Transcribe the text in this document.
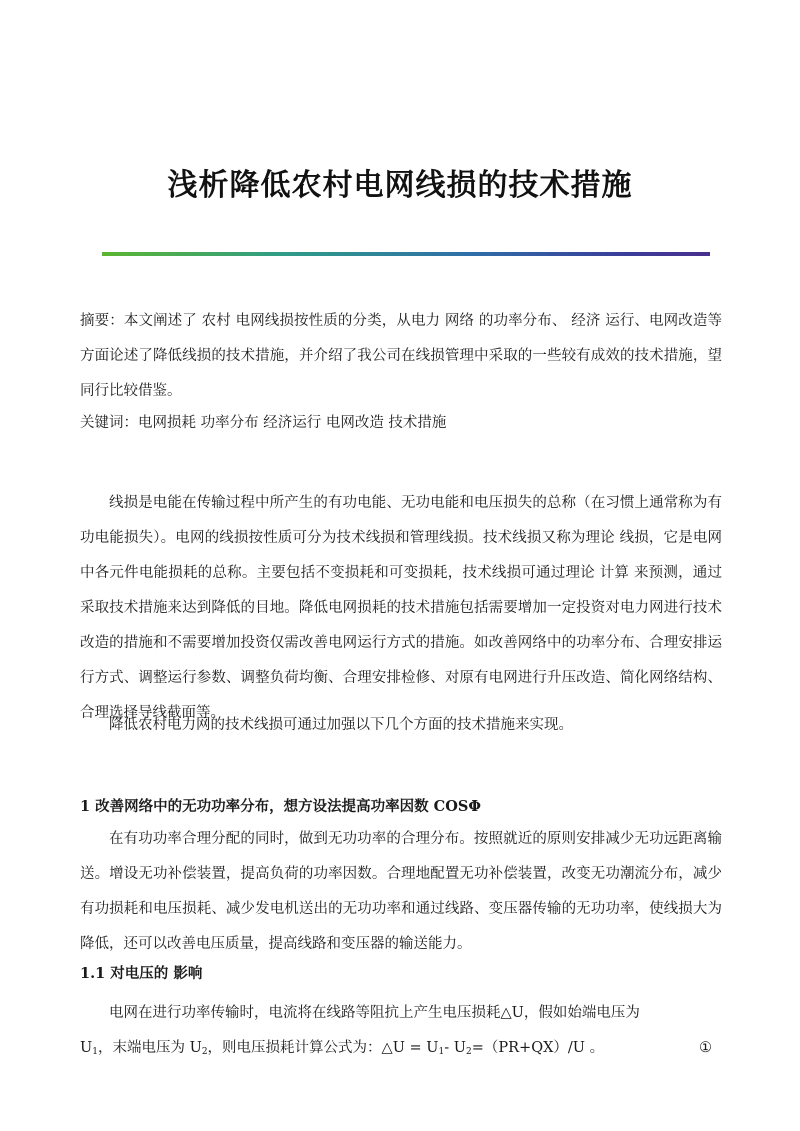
浅析降低农村电网线损的技术措施
摘要：本文阐述了 农村 电网线损按性质的分类，从电力 网络 的功率分布、 经济 运行、电网改造等方面论述了降低线损的技术措施，并介绍了我公司在线损管理中采取的一些较有成效的技术措施，望同行比较借鉴。
关键词：电网损耗 功率分布 经济运行 电网改造 技术措施
线损是电能在传输过程中所产生的有功电能、无功电能和电压损失的总称（在习惯上通常称为有功电能损失）。电网的线损按性质可分为技术线损和管理线损。技术线损又称为理论 线损，它是电网中各元件电能损耗的总称。主要包括不变损耗和可变损耗，技术线损可通过理论 计算 来预测，通过采取技术措施来达到降低的目地。降低电网损耗的技术措施包括需要增加一定投资对电力网进行技术改造的措施和不需要增加投资仅需改善电网运行方式的措施。如改善网络中的功率分布、合理安排运行方式、调整运行参数、调整负荷均衡、合理安排检修、对原有电网进行升压改造、简化网络结构、合理选择导线截面等。
降低农村电力网的技术线损可通过加强以下几个方面的技术措施来实现。
1 改善网络中的无功功率分布，想方设法提高功率因数 COSΦ
在有功功率合理分配的同时，做到无功功率的合理分布。按照就近的原则安排减少无功远距离输送。增设无功补偿装置，提高负荷的功率因数。合理地配置无功补偿装置，改变无功潮流分布，减少有功损耗和电压损耗、减少发电机送出的无功功率和通过线路、变压器传输的无功功率，使线损大为降低，还可以改善电压质量，提高线路和变压器的输送能力。
1.1 对电压的 影响
电网在进行功率传输时，电流将在线路等阻抗上产生电压损耗△U，假如始端电压为
$U_1$，末端电压为 $U_2$，则电压损耗计算公式为：△U = $U_1-$ $U_2=(PR+QX)/U$ 。	①
